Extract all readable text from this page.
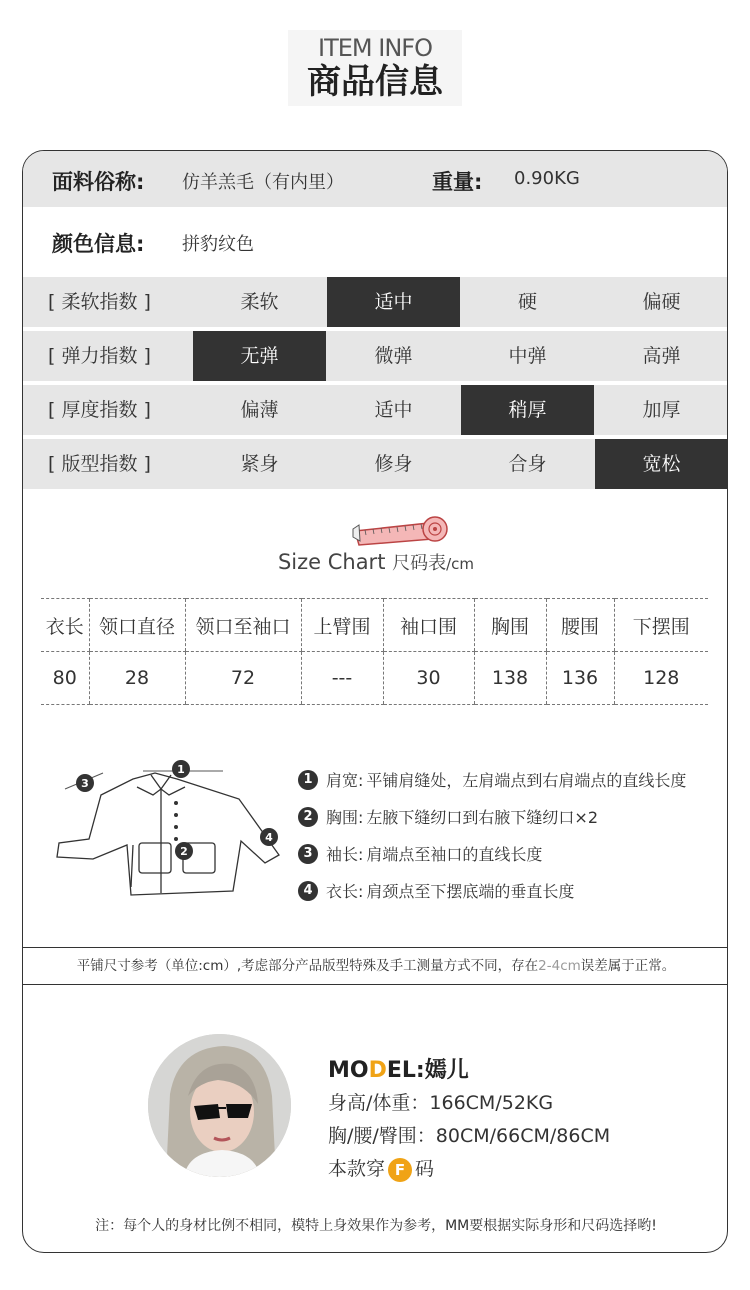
ITEM INFO
商品信息
面料俗称: 仿羊羔毛（有内里）	重量: 0.90KG
颜色信息: 拼豹纹色
[ 柔软指数 ]	柔软	适中	硬	偏硬
[ 弹力指数 ]	无弹	微弹	中弹	高弹
[ 厚度指数 ]	偏薄	适中	稍厚	加厚
[ 版型指数 ]	紧身	修身	合身	宽松
Size Chart 尺码表/cm
衣长	领口直径	领口至袖口	上臂围	袖口围	胸围	腰围	下摆围
80	28	72	---	30	138	136	128
1
2
3
4
1 肩宽: 平铺肩缝处，左肩端点到右肩端点的直线长度
2 胸围: 左腋下缝纫口到右腋下缝纫口×2
3 袖长: 肩端点至袖口的直线长度
4 衣长: 肩颈点至下摆底端的垂直长度
平铺尺寸参考（单位:cm）,考虑部分产品版型特殊及手工测量方式不同，存在2-4cm误差属于正常。
MODEL:嫣儿
身高/体重：166CM/52KG
胸/腰/臀围：80CM/66CM/86CM
本款穿 F 码
注：每个人的身材比例不相同，模特上身效果作为参考，MM要根据实际身形和尺码选择哟!
